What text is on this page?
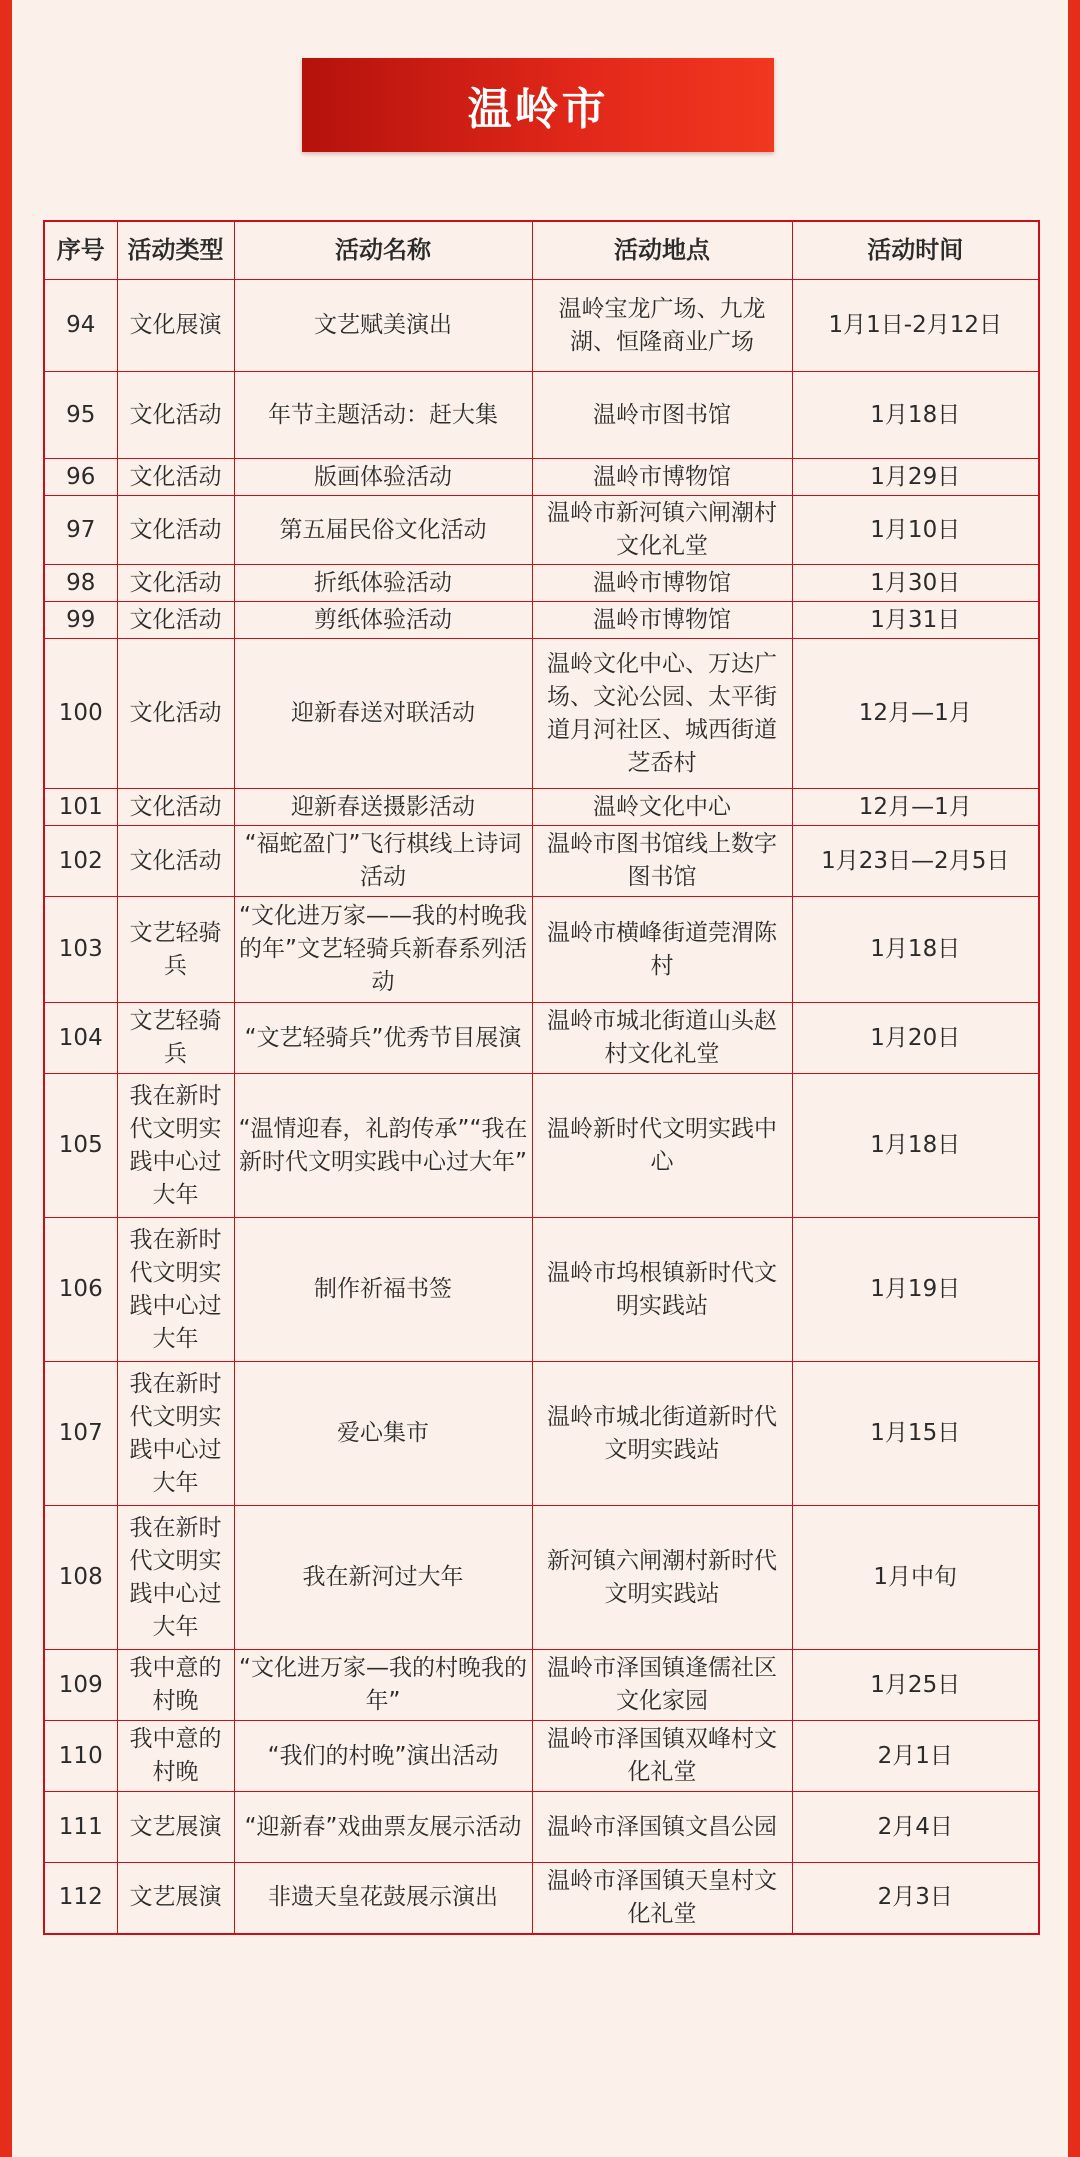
温岭市
序号	活动类型	活动名称	活动地点	活动时间
94	文化展演	文艺赋美演出	温岭宝龙广场、九龙湖、恒隆商业广场	1月1日-2月12日
95	文化活动	年节主题活动：赶大集	温岭市图书馆	1月18日
96	文化活动	版画体验活动	温岭市博物馆	1月29日
97	文化活动	第五届民俗文化活动	温岭市新河镇六闸潮村文化礼堂	1月10日
98	文化活动	折纸体验活动	温岭市博物馆	1月30日
99	文化活动	剪纸体验活动	温岭市博物馆	1月31日
100	文化活动	迎新春送对联活动	温岭文化中心、万达广场、文沁公园、太平街道月河社区、城西街道芝岙村	12月—1月
101	文化活动	迎新春送摄影活动	温岭文化中心	12月—1月
102	文化活动	“福蛇盈门”飞行棋线上诗词活动	温岭市图书馆线上数字图书馆	1月23日—2月5日
103	文艺轻骑兵	“文化进万家——我的村晚我的年”文艺轻骑兵新春系列活动	温岭市横峰街道莞渭陈村	1月18日
104	文艺轻骑兵	“文艺轻骑兵”优秀节目展演	温岭市城北街道山头赵村文化礼堂	1月20日
105	我在新时代文明实践中心过大年	“温情迎春，礼韵传承”“我在新时代文明实践中心过大年”	温岭新时代文明实践中心	1月18日
106	我在新时代文明实践中心过大年	制作祈福书签	温岭市坞根镇新时代文明实践站	1月19日
107	我在新时代文明实践中心过大年	爱心集市	温岭市城北街道新时代文明实践站	1月15日
108	我在新时代文明实践中心过大年	我在新河过大年	新河镇六闸潮村新时代文明实践站	1月中旬
109	我中意的村晚	“文化进万家—我的村晚我的年”	温岭市泽国镇逢儒社区文化家园	1月25日
110	我中意的村晚	“我们的村晚”演出活动	温岭市泽国镇双峰村文化礼堂	2月1日
111	文艺展演	“迎新春”戏曲票友展示活动	温岭市泽国镇文昌公园	2月4日
112	文艺展演	非遗天皇花鼓展示演出	温岭市泽国镇天皇村文化礼堂	2月3日
